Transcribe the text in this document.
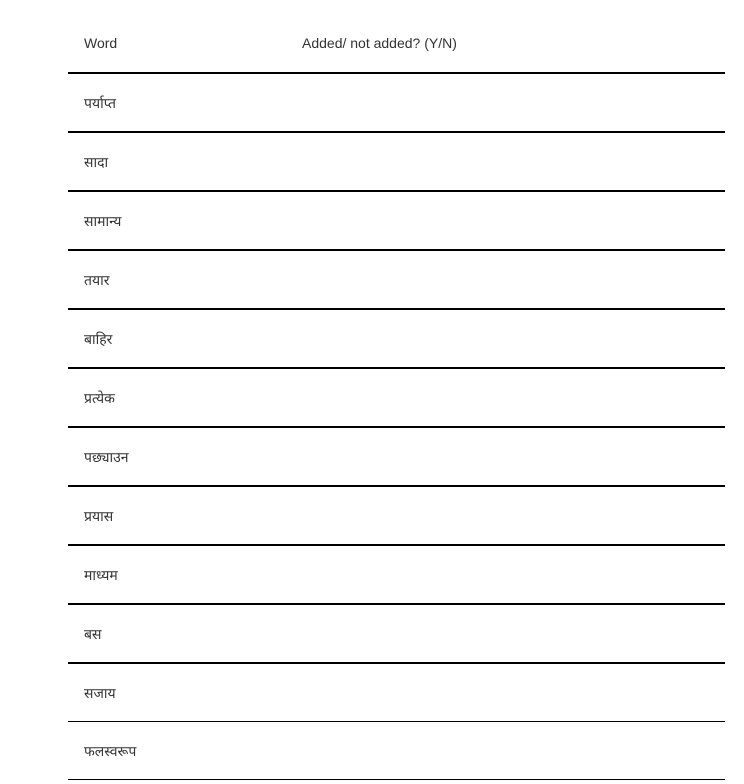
Word	Added/ not added? (Y/N)
पर्याप्त	
सादा	
सामान्य	
तयार	
बाहिर	
प्रत्येक	
पछ्याउन	
प्रयास	
माध्यम	
बस	
सजाय	
फलस्वरूप	
